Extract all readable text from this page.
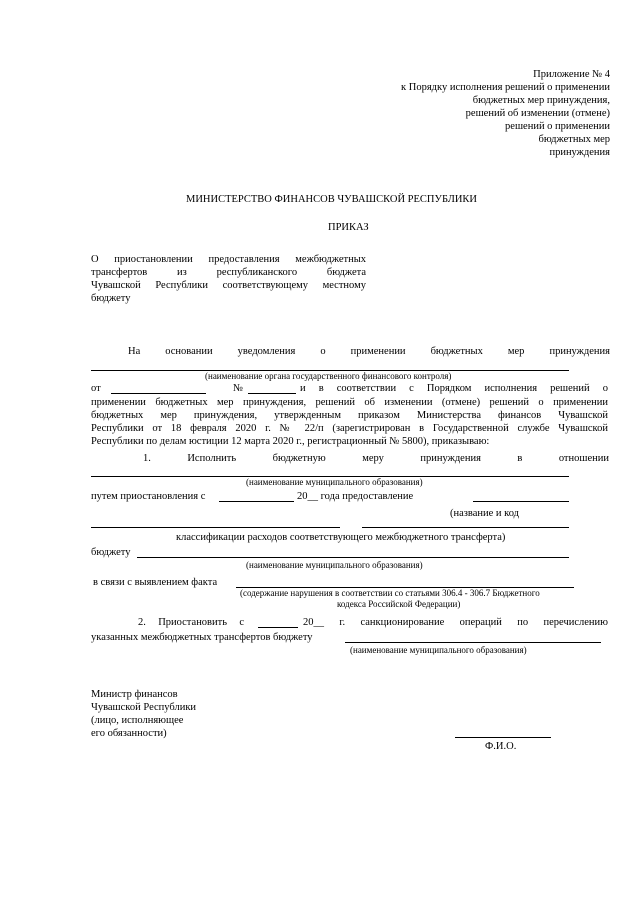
Приложение № 4
к Порядку исполнения решений о применении
бюджетных мер принуждения,
решений об изменении (отмене)
решений о применении
бюджетных мер
принуждения
МИНИСТЕРСТВО ФИНАНСОВ ЧУВАШСКОЙ РЕСПУБЛИКИ
ПРИКАЗ
О приостановлении предоставления межбюджетных
трансфертов из республиканского бюджета
Чувашской Республики соответствующему местному
бюджету
На основании уведомления о применении бюджетных мер принуждения
(наименование органа государственного финансового контроля)
от	№	и в соответствии с Порядком исполнения решений о
применении бюджетных мер принуждения, решений об изменении (отмене) решений о применении
бюджетных мер принуждения, утвержденным приказом Министерства финансов Чувашской
Республики от 18 февраля 2020 г. № 22/п (зарегистрирован в Государственной службе Чувашской
Республики по делам юстиции 12 марта 2020 г., регистрационный № 5800), приказываю:
1. Исполнить бюджетную меру принуждения в отношении
(наименование муниципального образования)
путем приостановления с	20__ года предоставление
(название и код
классификации расходов соответствующего межбюджетного трансферта)
бюджету
(наименование муниципального образования)
в связи с выявлением факта
(содержание нарушения в соответствии со статьями 306.4 - 306.7 Бюджетного
кодекса Российской Федерации)
2. Приостановить с	20__ г. санкционирование операций по перечислению
указанных межбюджетных трансфертов бюджету
(наименование муниципального образования)
Министр финансов
Чувашской Республики
(лицо, исполняющее
его обязанности)
Ф.И.О.
